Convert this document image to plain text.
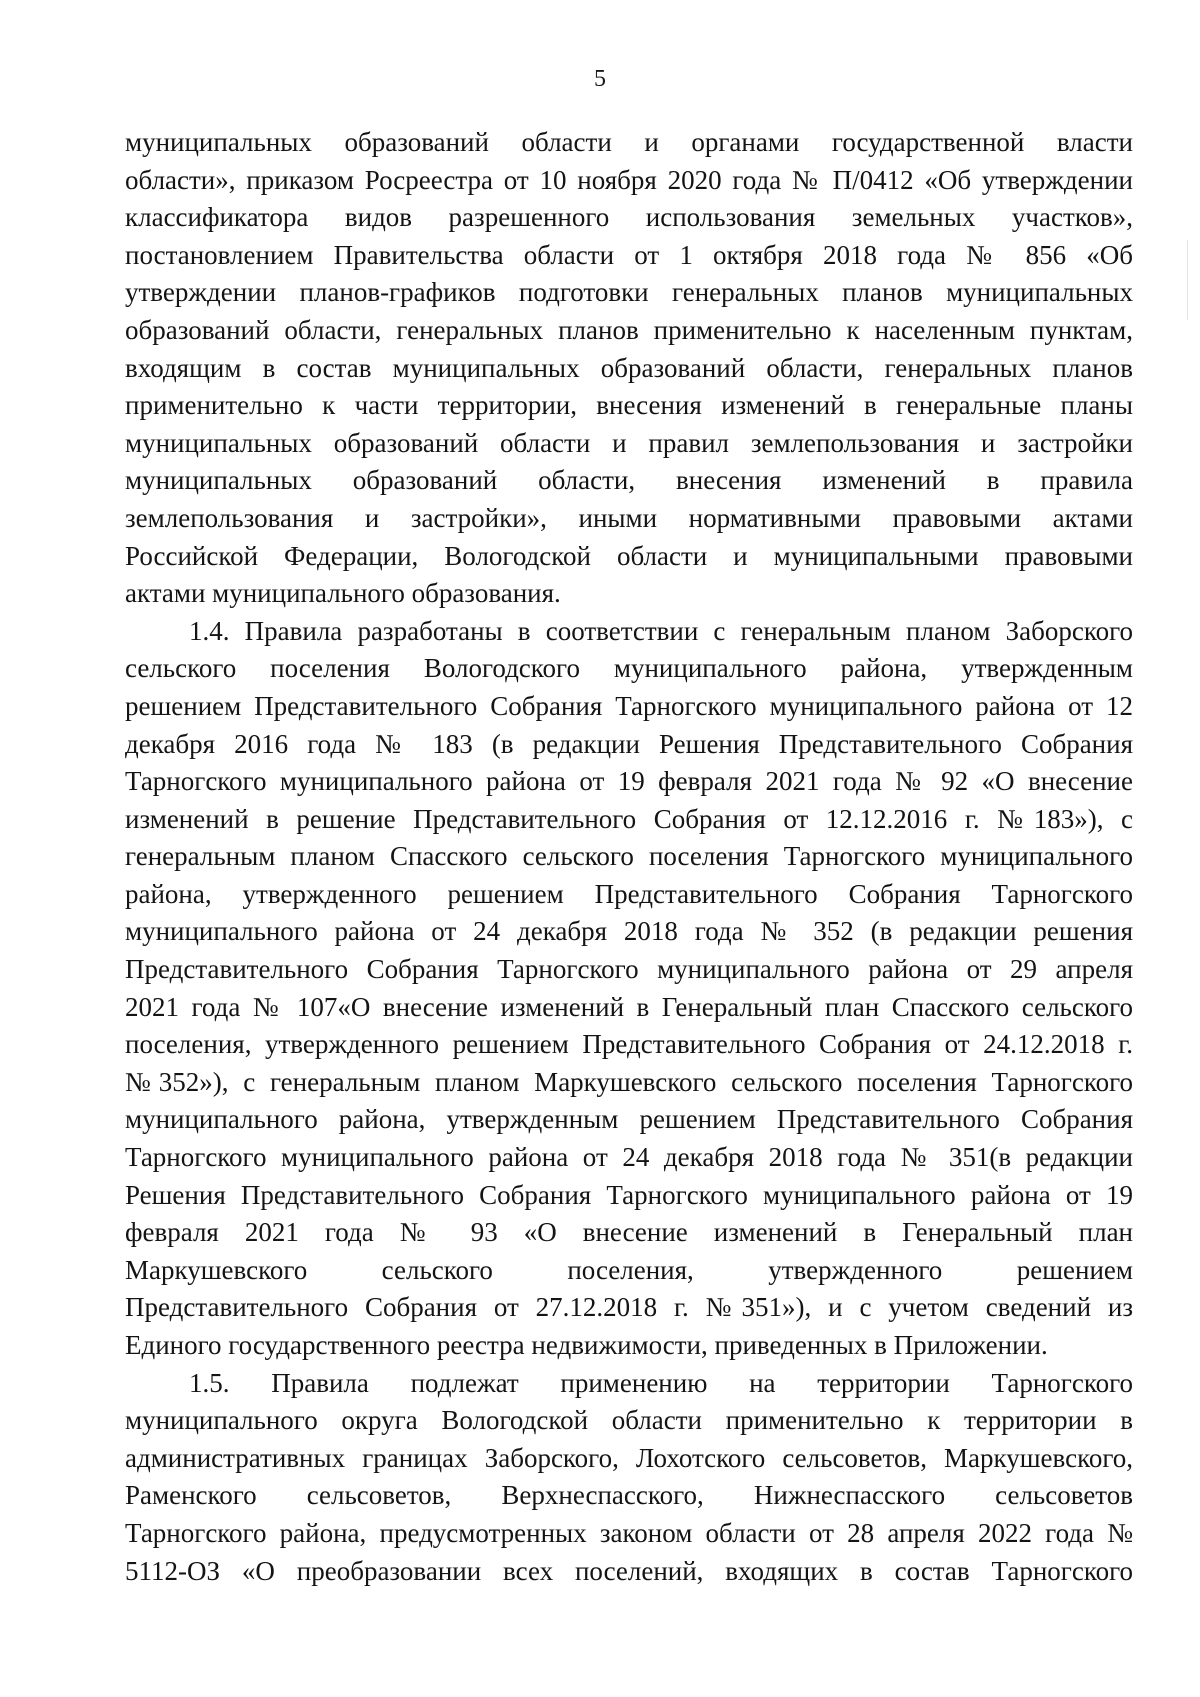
5
муниципальных образований области и органами государственной власти
области», приказом Росреестра от 10 ноября 2020 года № П/0412 «Об утверждении
классификатора видов разрешенного использования земельных участков»,
постановлением Правительства области от 1 октября 2018 года № 856 «Об
утверждении планов-графиков подготовки генеральных планов муниципальных
образований области, генеральных планов применительно к населенным пунктам,
входящим в состав муниципальных образований области, генеральных планов
применительно к части территории, внесения изменений в генеральные планы
муниципальных образований области и правил землепользования и застройки
муниципальных образований области, внесения изменений в правила
землепользования и застройки», иными нормативными правовыми актами
Российской Федерации, Вологодской области и муниципальными правовыми
актами муниципального образования.
1.4. Правила разработаны в соответствии с генеральным планом Заборского
сельского поселения Вологодского муниципального района, утвержденным
решением Представительного Собрания Тарногского муниципального района от 12
декабря 2016 года № 183 (в редакции Решения Представительного Собрания
Тарногского муниципального района от 19 февраля 2021 года № 92 «О внесение
изменений в решение Представительного Собрания от 12.12.2016 г. №183»), с
генеральным планом Спасского сельского поселения Тарногского муниципального
района, утвержденного решением Представительного Собрания Тарногского
муниципального района от 24 декабря 2018 года № 352 (в редакции решения
Представительного Собрания Тарногского муниципального района от 29 апреля
2021 года № 107«О внесение изменений в Генеральный план Спасского сельского
поселения, утвержденного решением Представительного Собрания от 24.12.2018 г.
№352»), с генеральным планом Маркушевского сельского поселения Тарногского
муниципального района, утвержденным решением Представительного Собрания
Тарногского муниципального района от 24 декабря 2018 года № 351(в редакции
Решения Представительного Собрания Тарногского муниципального района от 19
февраля 2021 года № 93 «О внесение изменений в Генеральный план
Маркушевского сельского поселения, утвержденного решением
Представительного Собрания от 27.12.2018 г. №351»), и с учетом сведений из
Единого государственного реестра недвижимости, приведенных в Приложении.
1.5. Правила подлежат применению на территории Тарногского
муниципального округа Вологодской области применительно к территории в
административных границах Заборского, Лохотского сельсоветов, Маркушевского,
Раменского сельсоветов, Верхнеспасского, Нижнеспасского сельсоветов
Тарногского района, предусмотренных законом области от 28 апреля 2022 года №
5112-ОЗ «О преобразовании всех поселений, входящих в состав Тарногского
